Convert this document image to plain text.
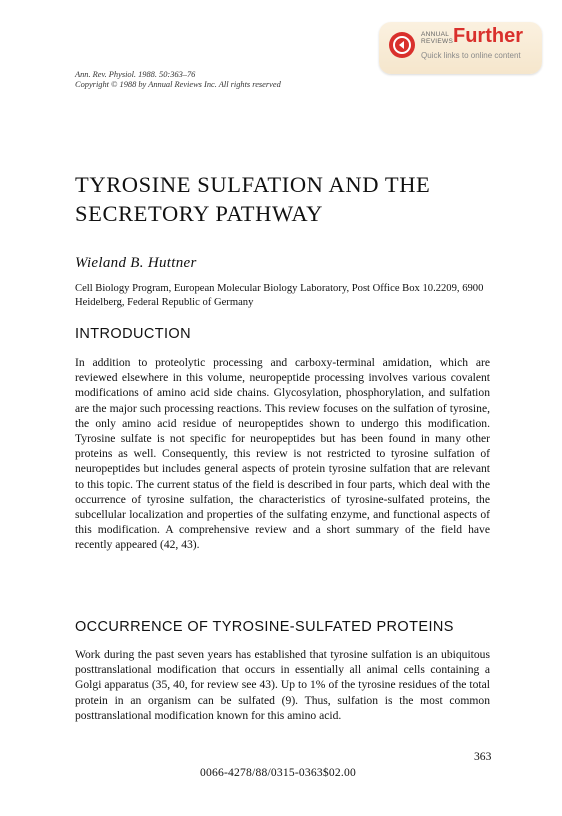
ANNUAL
REVIEWS Further
Quick links to online content
Ann. Rev. Physiol. 1988. 50:363–76
Copyright © 1988 by Annual Reviews Inc. All rights reserved
TYROSINE SULFATION AND THE SECRETORY PATHWAY
Wieland B. Huttner
Cell Biology Program, European Molecular Biology Laboratory, Post Office Box 10.2209, 6900 Heidelberg, Federal Republic of Germany
INTRODUCTION

In addition to proteolytic processing and carboxy-terminal amidation, which are reviewed elsewhere in this volume, neuropeptide processing involves various covalent modifications of amino acid side chains. Glycosylation, phosphorylation, and sulfation are the major such processing reactions. This review focuses on the sulfation of tyrosine, the only amino acid residue of neuropeptides shown to undergo this modification. Tyrosine sulfate is not specific for neuropeptides but has been found in many other proteins as well. Consequently, this review is not restricted to tyrosine sulfation of neuropeptides but includes general aspects of protein tyrosine sulfation that are relevant to this topic. The current status of the field is described in four parts, which deal with the occurrence of tyrosine sulfation, the characteristics of tyrosine-sulfated proteins, the subcellular localization and properties of the sulfating enzyme, and functional aspects of this modification. A comprehensive review and a short summary of the field have recently appeared (42, 43).

OCCURRENCE OF TYROSINE-SULFATED PROTEINS

Work during the past seven years has established that tyrosine sulfation is an ubiquitous posttranslational modification that occurs in essentially all animal cells containing a Golgi apparatus (35, 40, for review see 43). Up to 1% of the tyrosine residues of the total protein in an organism can be sulfated (9). Thus, sulfation is the most common posttranslational modification known for this amino acid.

363
0066-4278/88/0315-0363$02.00
